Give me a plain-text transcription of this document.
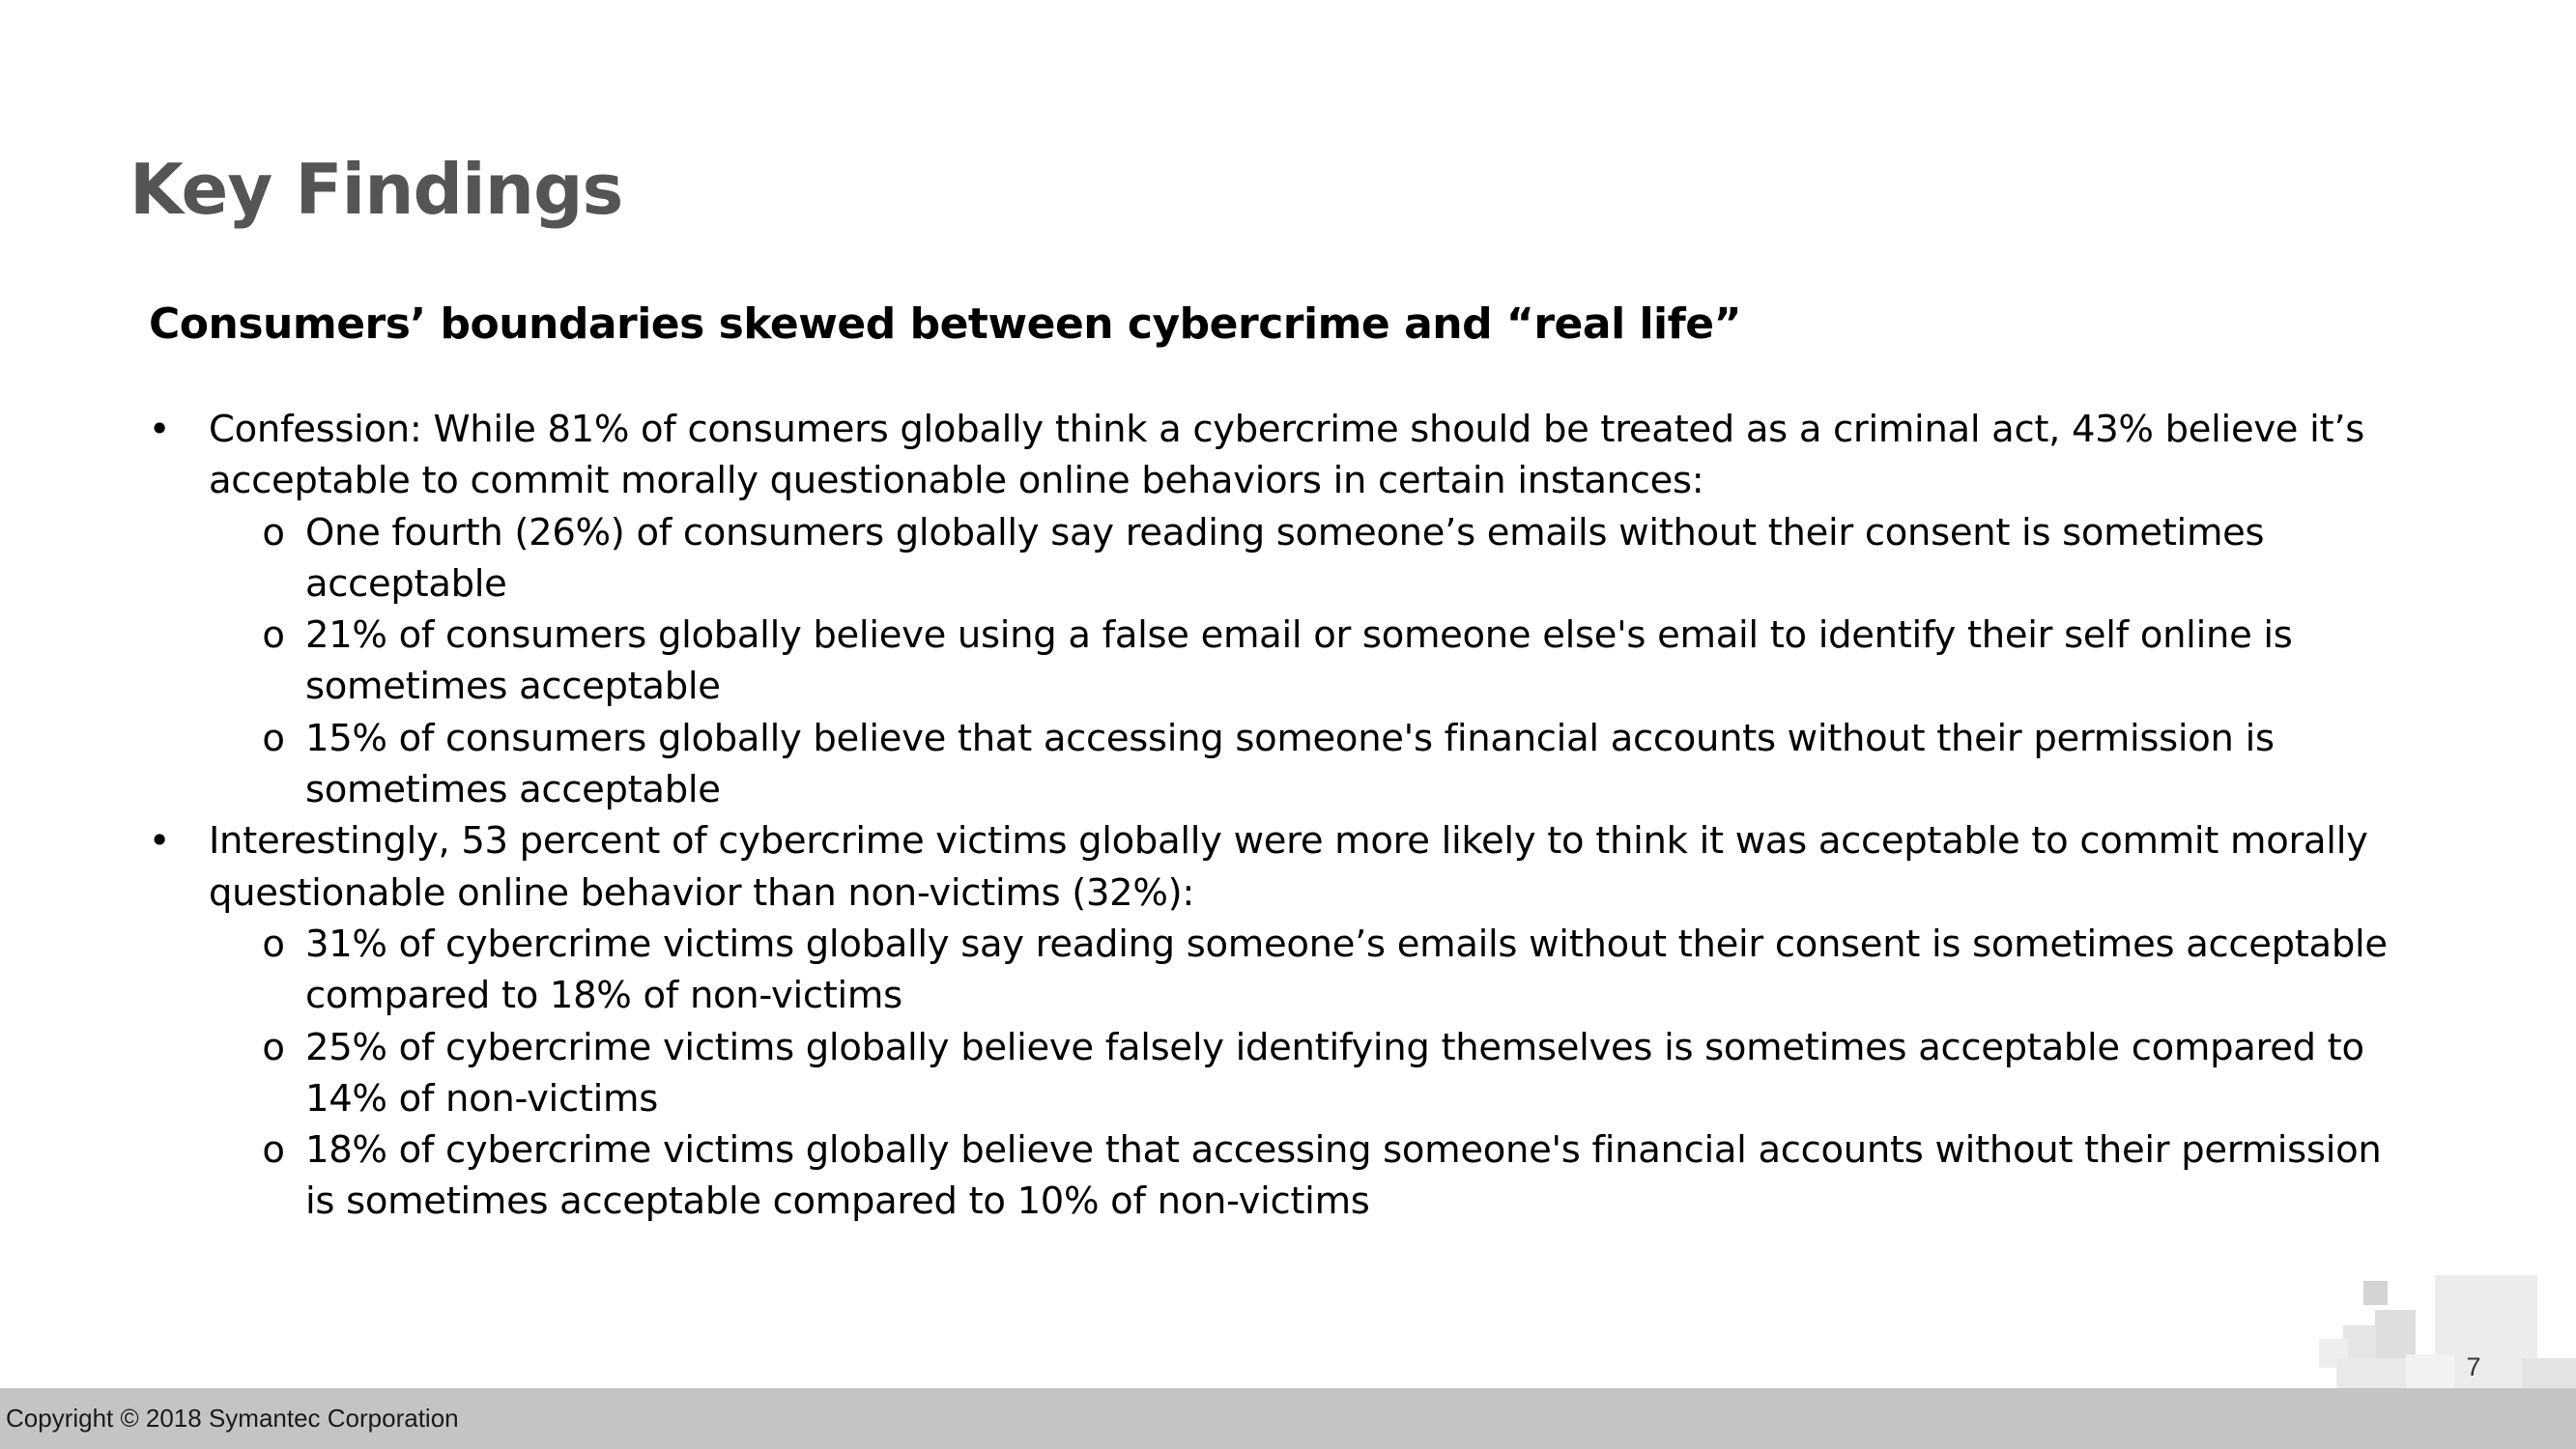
Key Findings
Consumers’ boundaries skewed between cybercrime and “real life”
• Confession: While 81% of consumers globally think a cybercrime should be treated as a criminal act, 43% believe it’s acceptable to commit morally questionable online behaviors in certain instances:
o One fourth (26%) of consumers globally say reading someone’s emails without their consent is sometimes acceptable
o 21% of consumers globally believe using a false email or someone else's email to identify their self online is sometimes acceptable
o 15% of consumers globally believe that accessing someone's financial accounts without their permission is sometimes acceptable
• Interestingly, 53 percent of cybercrime victims globally were more likely to think it was acceptable to commit morally questionable online behavior than non-victims (32%):
o 31% of cybercrime victims globally say reading someone’s emails without their consent is sometimes acceptable compared to 18% of non-victims
o 25% of cybercrime victims globally believe falsely identifying themselves is sometimes acceptable compared to 14% of non-victims
o 18% of cybercrime victims globally believe that accessing someone's financial accounts without their permission is sometimes acceptable compared to 10% of non-victims
7
Copyright © 2018 Symantec Corporation
